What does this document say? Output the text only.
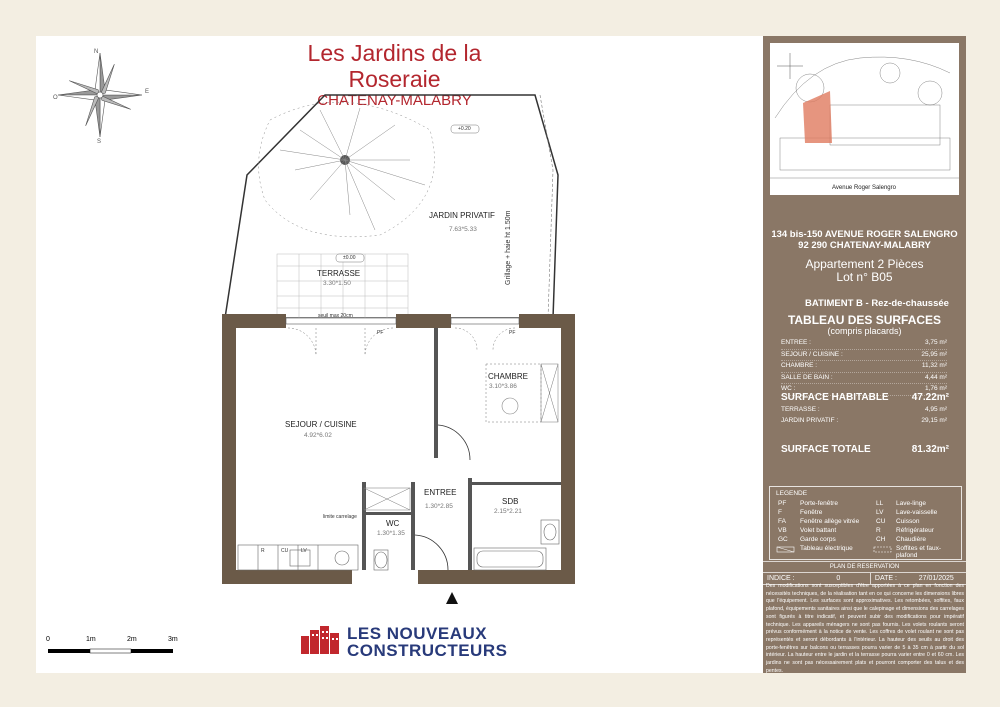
Les Jardins de la Roseraie
CHATENAY-MALABRY
N
E
S
O
JARDIN PRIVATIF
7.63*5.33
+0.20
±0.00
TERRASSE
3.30*1.50	Grillage + haie ht 1.50m
seuil max 20cm
PF	PF
CHAMBRE
3.10*3.86
SEJOUR / CUISINE
4.92*6.02
ENTREE
1.30*2.85
SDB
2.15*2.21
WC
1.30*1.35
limite carrelage
R	CU	LV
0	1m	2m	3m	LES NOUVEAUX
CONSTRUCTEURS
Avenue Roger Salengro
134 bis-150 AVENUE ROGER SALENGRO
92 290 CHATENAY-MALABRY
Appartement 2 Pièces
Lot n° B05
BATIMENT B - Rez-de-chaussée
TABLEAU DES SURFACES
(compris placards)
ENTREE :	3,75 m²
SEJOUR / CUISINE :	25,95 m²
CHAMBRE :	11,32 m²
SALLE DE BAIN :	4,44 m²
WC :	1,76 m²
SURFACE HABITABLE 47.22m²
TERRASSE :	4,95 m²
JARDIN PRIVATIF :	29,15 m²
SURFACE TOTALE	81.32m²
LEGENDE
PF Porte-fenêtre
F	Fenêtre
FA Fenêtre allège vitrée
VB Volet battant
GC Garde corps
Tableau électrique
LL Lave-linge
LV Lave-vaisselle
CU Cuisson
R Réfrigérateur
CH Chaudière
Soffites et faux-plafond
PLAN DE RESERVATION
INDICE :	0	DATE :	27/01/2025
Des modifications sont susceptibles d'être apportées à ce plan en fonction des nécessités techniques, de la réalisation tant en ce qui concerne les dimensions libres que l'équipement. Les surfaces sont approximatives. Les retombées, soffites, faux plafond, équipements sanitaires ainsi que le calepinage et dimensions des carrelages sont figurés à titre indicatif, et peuvent subir des modifications pour impératif technique. Les appareils ménagers ne sont pas fournis. Les volets roulants seront prévus conformément à la notice de vente. Les coffres de volet roulant ne sont pas représentés et seront débordants à l'intérieur. La hauteur des seuils au droit des porte-fenêtres sur balcons ou terrasses pourra varier de 5 à 35 cm à partir du sol intérieur. La hauteur entre le jardin et la terrasse pourra varier entre 0 et 60 cm. Les jardins ne sont pas nécessairement plats et pourront comporter des talus et des pentes.
